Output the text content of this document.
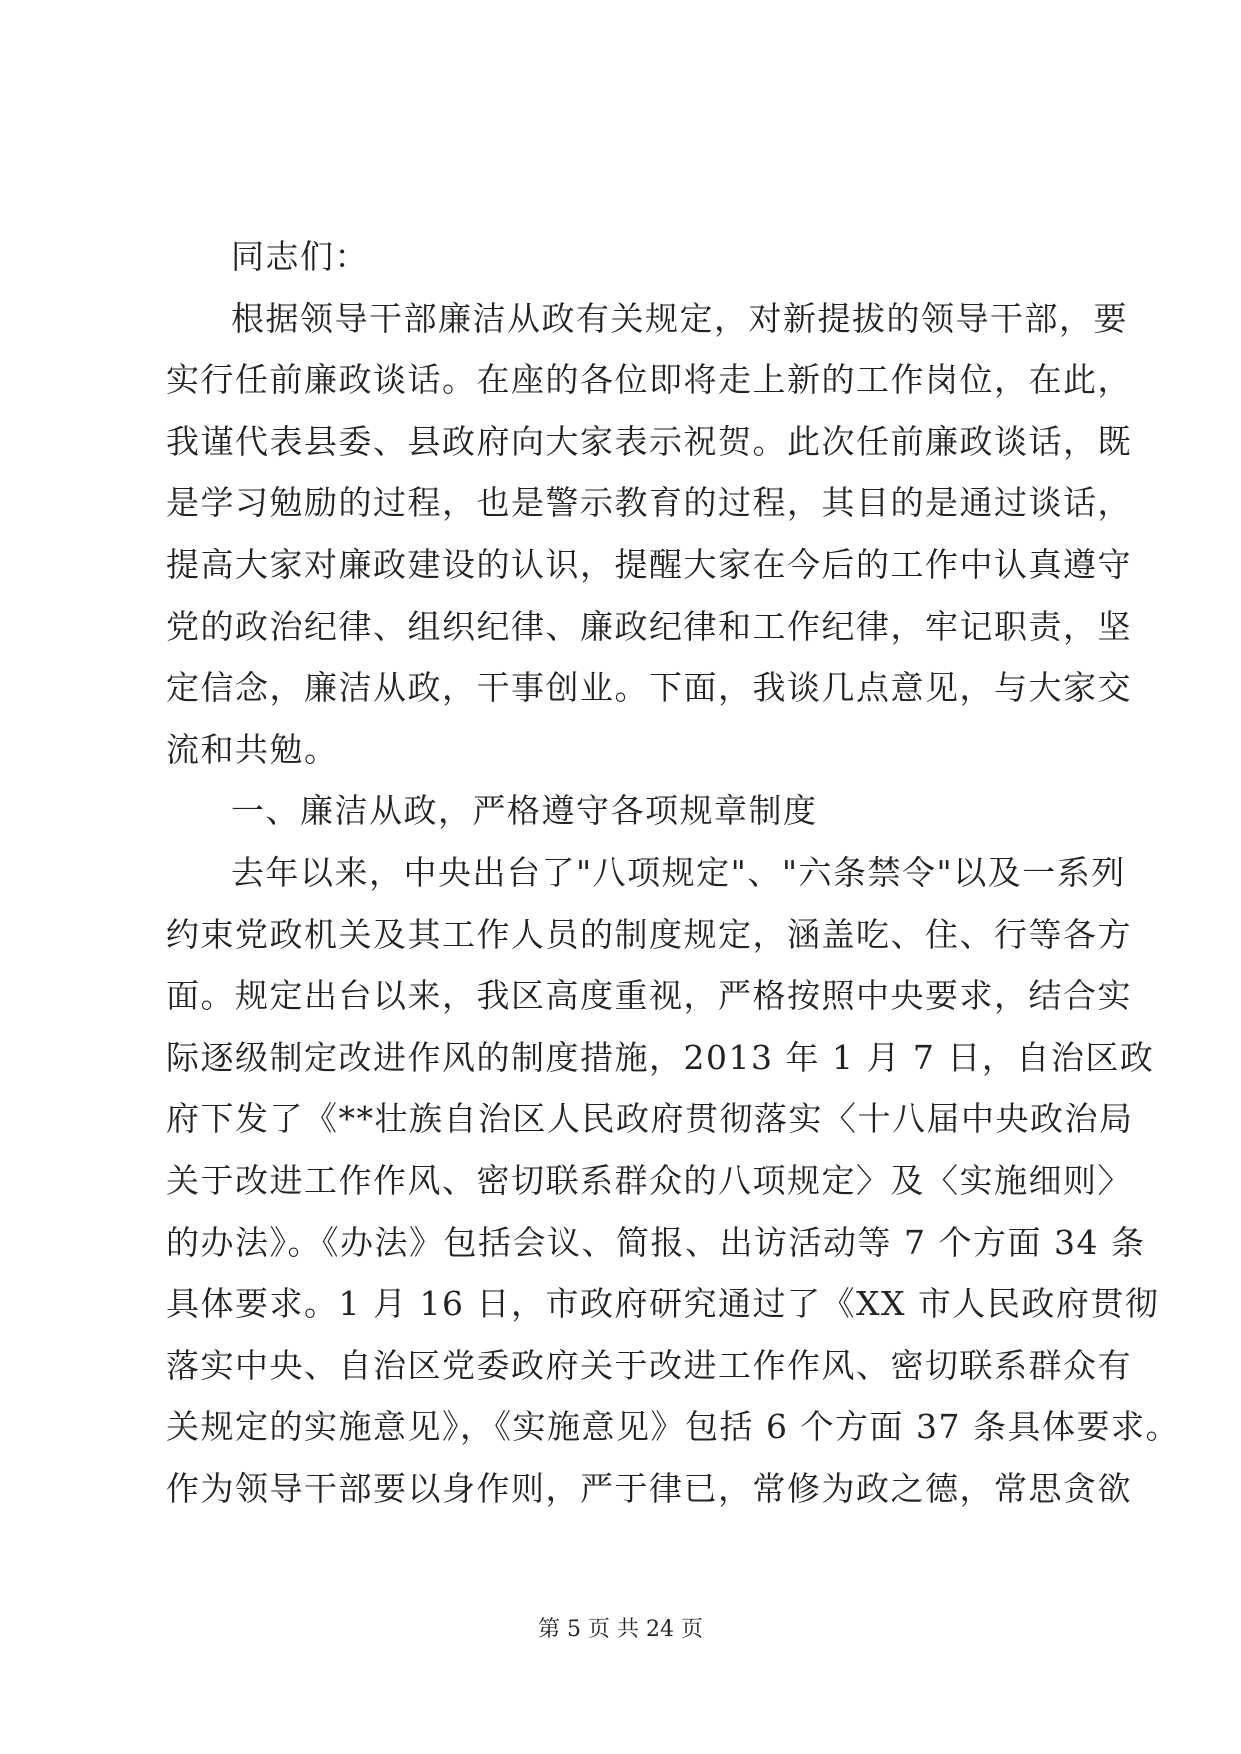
同志们：
根据领导干部廉洁从政有关规定，对新提拔的领导干部，要
实行任前廉政谈话。在座的各位即将走上新的工作岗位，在此，
我谨代表县委、县政府向大家表示祝贺。此次任前廉政谈话，既
是学习勉励的过程，也是警示教育的过程，其目的是通过谈话，
提高大家对廉政建设的认识，提醒大家在今后的工作中认真遵守
党的政治纪律、组织纪律、廉政纪律和工作纪律，牢记职责，坚
定信念，廉洁从政，干事创业。下面，我谈几点意见，与大家交
流和共勉。
一、廉洁从政，严格遵守各项规章制度
去年以来，中央出台了"八项规定"、"六条禁令"以及一系列
约束党政机关及其工作人员的制度规定，涵盖吃、住、行等各方
面。规定出台以来，我区高度重视，严格按照中央要求，结合实
际逐级制定改进作风的制度措施，2013 年 1 月 7 日，自治区政
府下发了《**壮族自治区人民政府贯彻落实〈十八届中央政治局
关于改进工作作风、密切联系群众的八项规定〉及〈实施细则〉
的办法》。《办法》包括会议、简报、出访活动等 7 个方面 34 条
具体要求。1 月 16 日，市政府研究通过了《XX 市人民政府贯彻
落实中央、自治区党委政府关于改进工作作风、密切联系群众有
关规定的实施意见》，《实施意见》包括 6 个方面 37 条具体要求。
作为领导干部要以身作则，严于律已，常修为政之德，常思贪欲
第 5 页 共 24 页
